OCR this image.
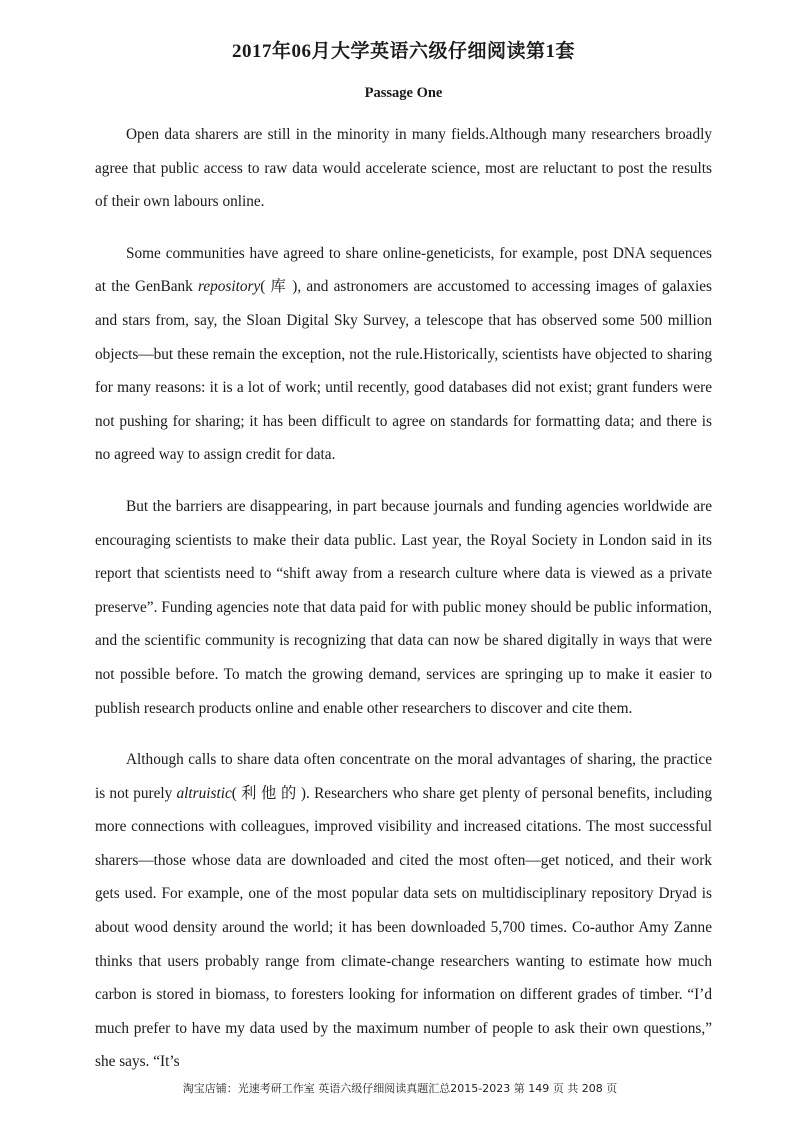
2017年06月大学英语六级仔细阅读第1套
Passage One

Open data sharers are still in the minority in many fields.Although many researchers broadly agree that public access to raw data would accelerate science, most are reluctant to post the results of their own labours online.

Some communities have agreed to share online-geneticists, for example, post DNA sequences at the GenBank repository( 库 ), and astronomers are accustomed to accessing images of galaxies and stars from, say, the Sloan Digital Sky Survey, a telescope that has observed some 500 million objects—but these remain the exception, not the rule.Historically, scientists have objected to sharing for many reasons: it is a lot of work; until recently, good databases did not exist; grant funders were not pushing for sharing; it has been difficult to agree on standards for formatting data; and there is no agreed way to assign credit for data.

But the barriers are disappearing, in part because journals and funding agencies worldwide are encouraging scientists to make their data public. Last year, the Royal Society in London said in its report that scientists need to “shift away from a research culture where data is viewed as a private preserve”. Funding agencies note that data paid for with public money should be public information, and the scientific community is recognizing that data can now be shared digitally in ways that were not possible before. To match the growing demand, services are springing up to make it easier to publish research products online and enable other researchers to discover and cite them.

Although calls to share data often concentrate on the moral advantages of sharing, the practice is not purely altruistic( 利 他 的 ). Researchers who share get plenty of personal benefits, including more connections with colleagues, improved visibility and increased citations. The most successful sharers—those whose data are downloaded and cited the most often—get noticed, and their work gets used. For example, one of the most popular data sets on multidisciplinary repository Dryad is about wood density around the world; it has been downloaded 5,700 times. Co-author Amy Zanne thinks that users probably range from climate-change researchers wanting to estimate how much carbon is stored in biomass, to foresters looking for information on different grades of timber. “I’d much prefer to have my data used by the maximum number of people to ask their own questions,” she says. “It’s

淘宝店铺：光速考研工作室 英语六级仔细阅读真题汇总2015-2023 第 149 页 共 208 页
